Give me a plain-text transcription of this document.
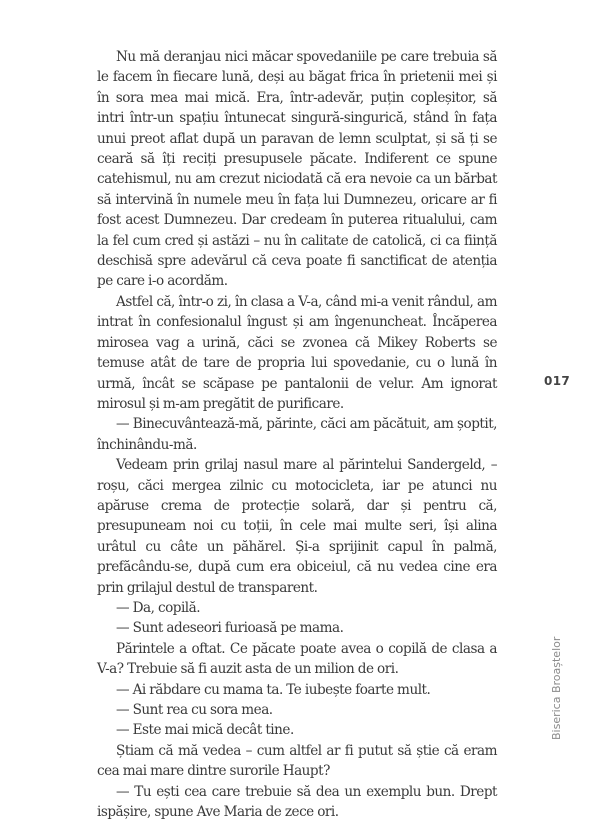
Nu mă deranjau nici măcar spovedaniile pe care trebuia să le facem în fiecare lună, deși au băgat frica în prietenii mei și în sora mea mai mică. Era, într-adevăr, puțin copleșitor, să intri într-un spațiu întunecat singură-singurică, stând în fața unui preot aflat după un paravan de lemn sculptat, și să ți se ceară să îți recіți presupusele păcate. Indiferent ce spune catehismul, nu am crezut niciodată că era nevoie ca un bărbat să intervină în numele meu în fața lui Dumnezeu, oricare ar fi fost acest Dumnezeu. Dar credeam în puterea ritualului, cam la fel cum cred și astăzi – nu în calitate de catolică, ci ca ființă deschisă spre adevărul că ceva poate fi sanctificat de atenția pe care i-o acordăm.

Astfel că, într-o zi, în clasa a V-a, când mi-a venit rândul, am intrat în confesionalul îngust și am îngenuncheat. Încăperea mirosea vag a urină, căci se zvonea că Mikey Roberts se temuse atât de tare de propria lui spovedanie, cu o lună în urmă, încât se scăpase pe pantalonii de velur. Am ignorat mirosul și m-am pregătit de purificare.

— Binecuvântează-mă, părinte, căci am păcătuit, am șoptit, închinându-mă.

Vedeam prin grilaj nasul mare al părintelui Sandergeld, – roșu, căci mergea zilnic cu motocicleta, iar pe atunci nu apăruse crema de protecție solară, dar și pentru că, presupuneam noi cu toții, în cele mai multe seri, își alina urâtul cu câte un păhărel. Și-a sprijinit capul în palmă, prefăcându-se, după cum era obiceiul, că nu vedea cine era prin grilajul destul de transparent.

— Da, copilă.

— Sunt adeseori furioasă pe mama.

Părintele a oftat. Ce păcate poate avea o copilă de clasa a V-a? Trebuie să fi auzit asta de un milion de ori.

— Ai răbdare cu mama ta. Te iubește foarte mult.

— Sunt rea cu sora mea.

— Este mai mică decât tine.

Știam că mă vedea – cum altfel ar fi putut să știe că eram cea mai mare dintre surorile Haupt?

— Tu ești cea care trebuie să dea un exemplu bun. Drept ispășire, spune Ave Maria de zece ori.

017
Biserica Broaștelor
